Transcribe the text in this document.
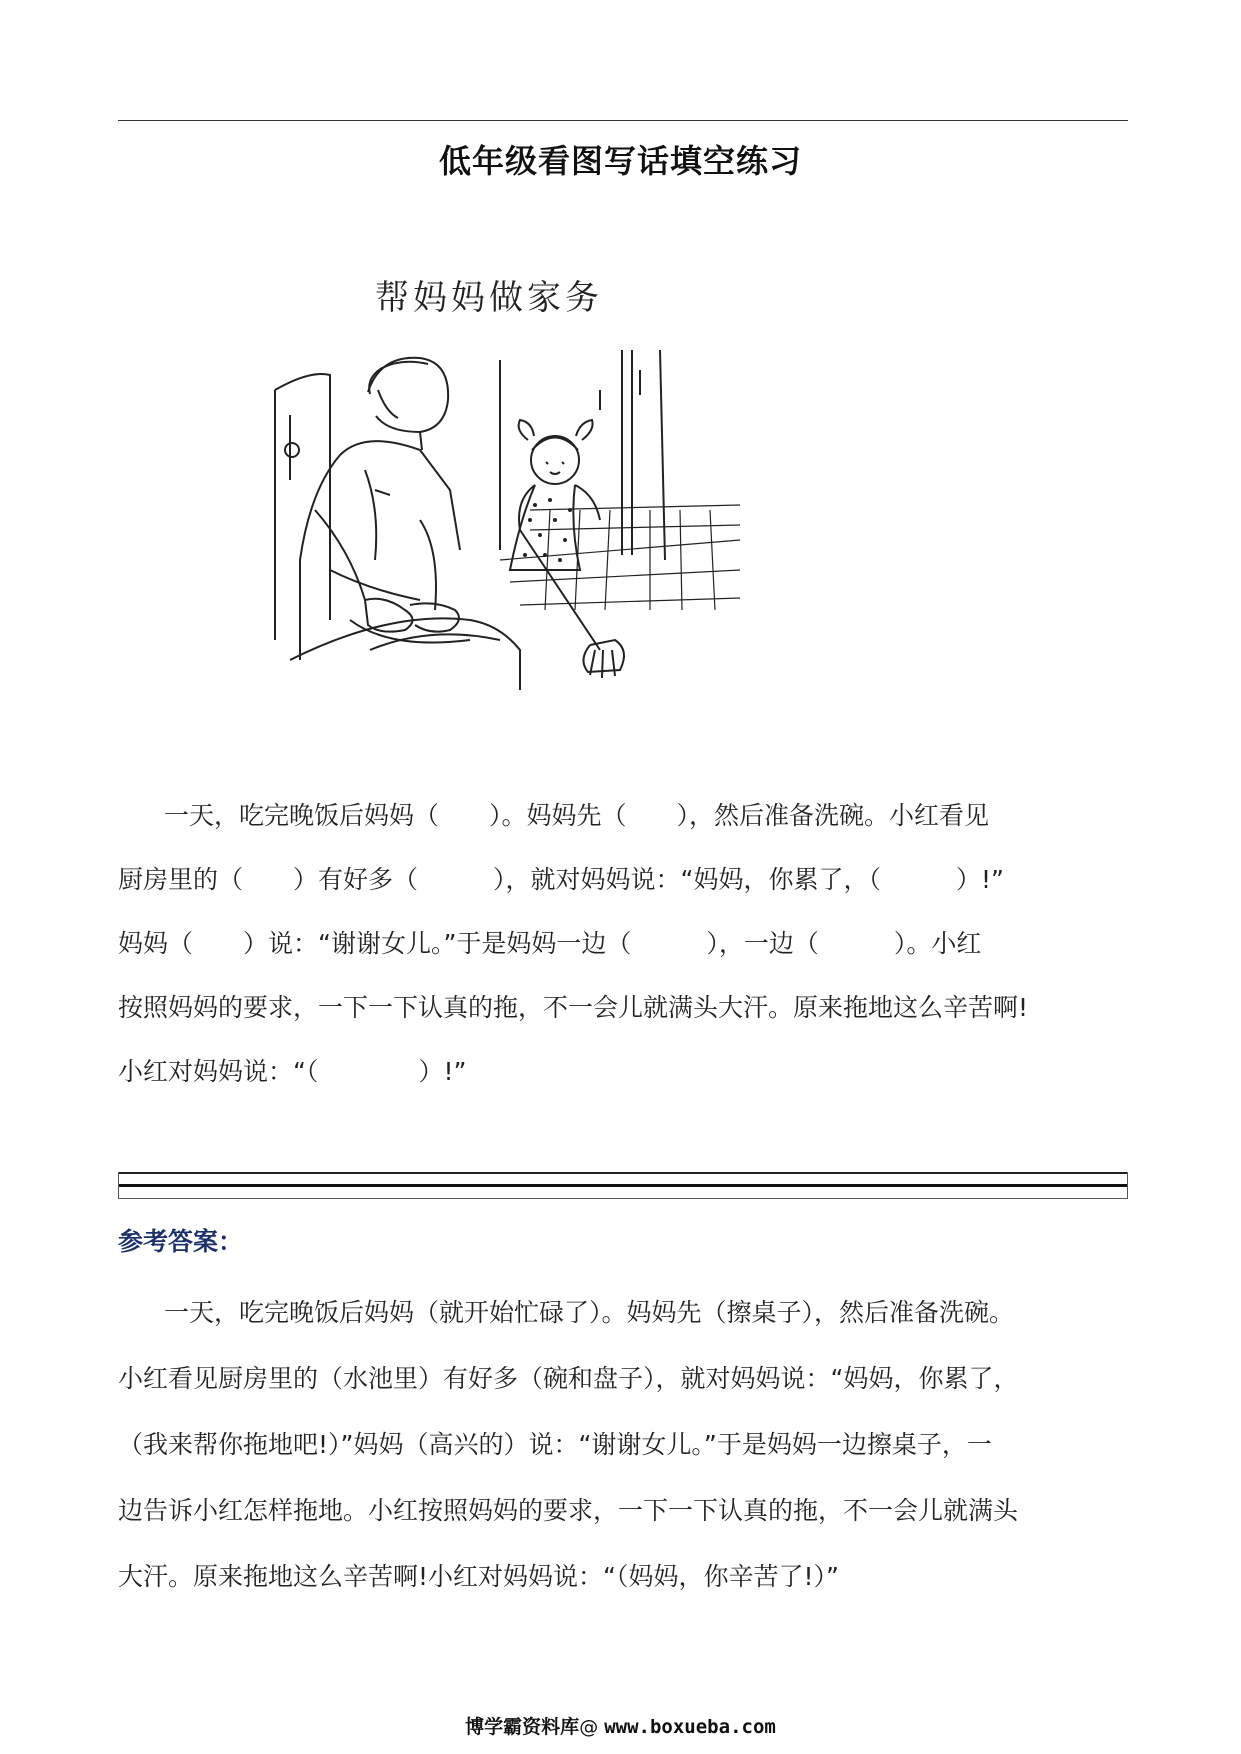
低年级看图写话填空练习
帮妈妈做家务
一天，吃完晚饭后妈妈（　　）。妈妈先（　　），然后准备洗碗。小红看见
厨房里的（　　）有好多（　　　），就对妈妈说：“妈妈，你累了，（　　　）!”
妈妈（　　）说：“谢谢女儿。”于是妈妈一边（　　　），一边（　　　）。小红
按照妈妈的要求，一下一下认真的拖，不一会儿就满头大汗。原来拖地这么辛苦啊!
小红对妈妈说：“（　　　　）!”
参考答案：
一天，吃完晚饭后妈妈（就开始忙碌了）。妈妈先（擦桌子），然后准备洗碗。
小红看见厨房里的（水池里）有好多（碗和盘子），就对妈妈说：“妈妈，你累了，
（我来帮你拖地吧!）”妈妈（高兴的）说：“谢谢女儿。”于是妈妈一边擦桌子，一
边告诉小红怎样拖地。小红按照妈妈的要求，一下一下认真的拖，不一会儿就满头
大汗。原来拖地这么辛苦啊!小红对妈妈说：“（妈妈，你辛苦了!）”
博学霸资料库@ www.boxueba.com
